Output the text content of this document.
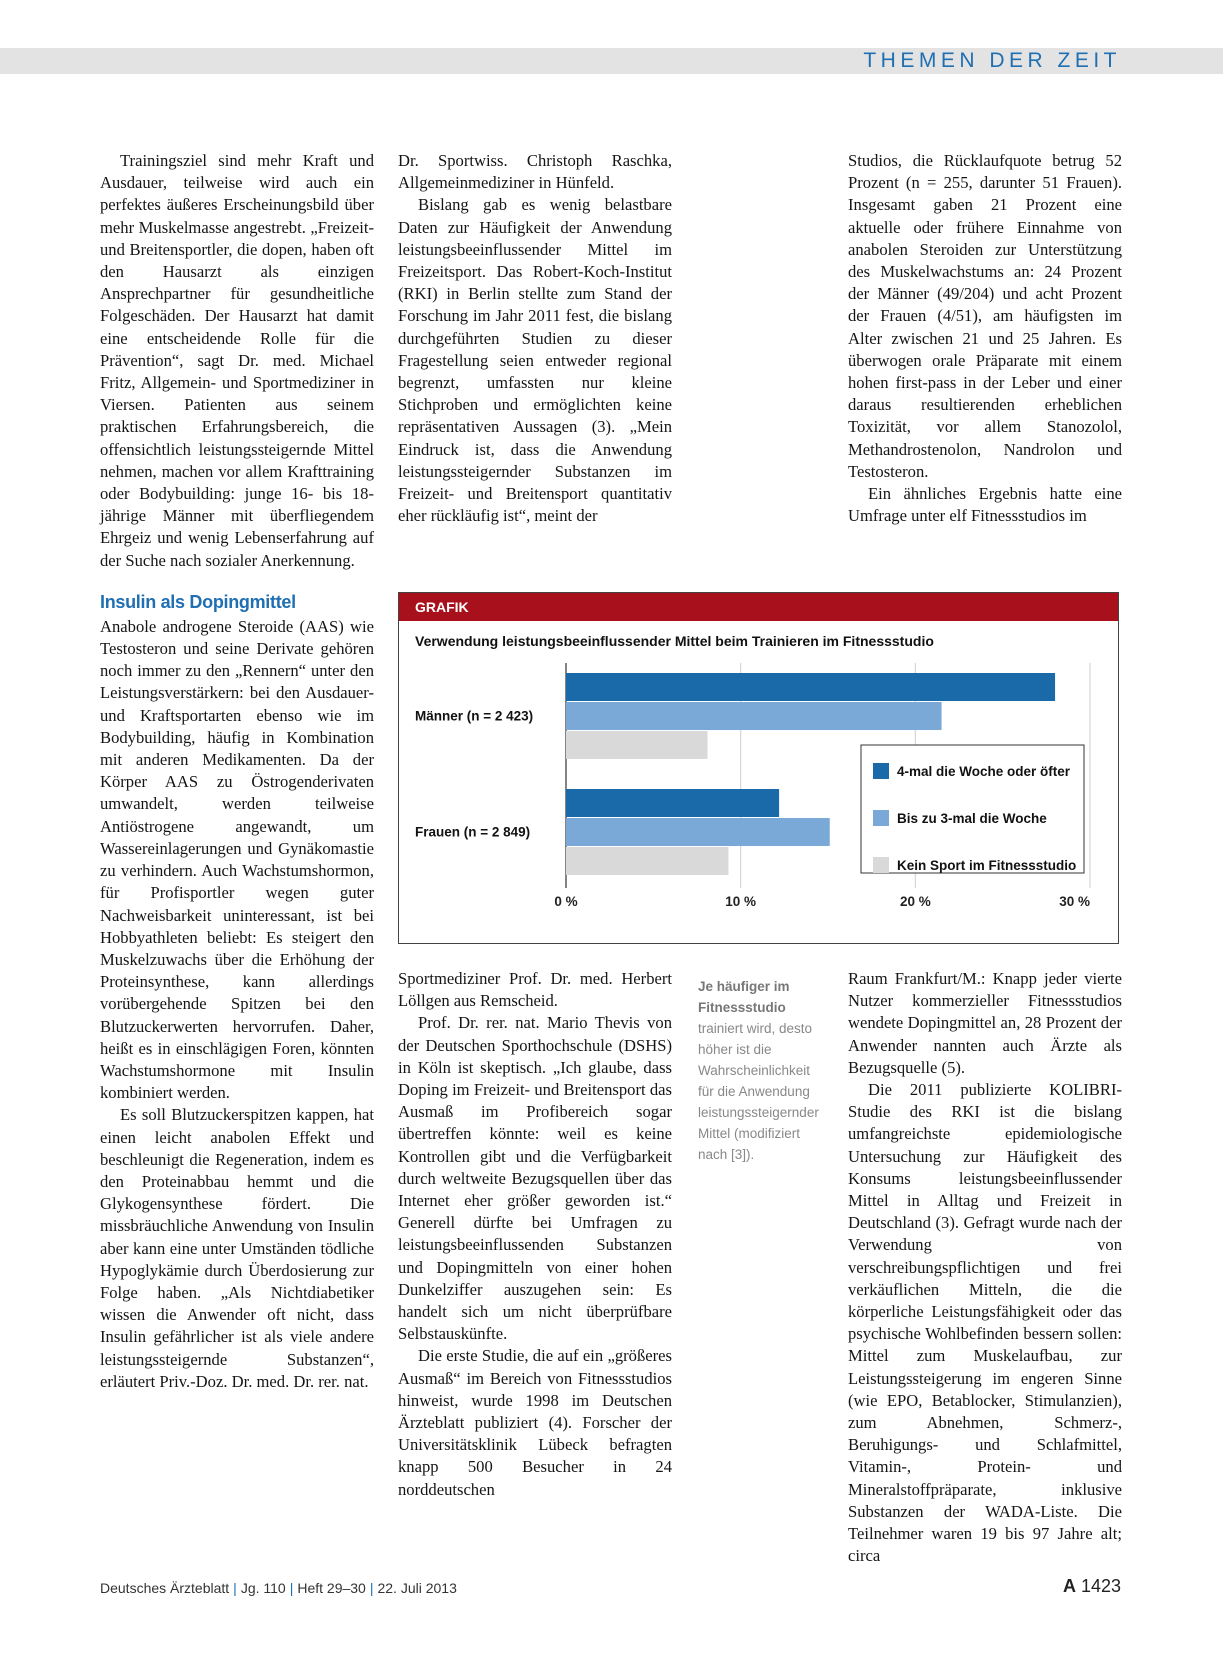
THEMEN DER ZEIT

Trainingsziel sind mehr Kraft und Ausdauer, teilweise wird auch ein perfektes äußeres Erscheinungsbild über mehr Muskelmasse angestrebt. „Freizeit- und Breitensportler, die dopen, haben oft den Hausarzt als einzigen Ansprechpartner für gesundheitliche Folgeschäden. Der Hausarzt hat damit eine entscheidende Rolle für die Prävention“, sagt Dr. med. Michael Fritz, Allgemein- und Sportmediziner in Viersen. Patienten aus seinem praktischen Erfahrungsbereich, die offensichtlich leistungssteigernde Mittel nehmen, machen vor allem Krafttraining oder Bodybuilding: junge 16- bis 18-jährige Männer mit überfliegendem Ehrgeiz und wenig Lebenserfahrung auf der Suche nach sozialer Anerkennung.

Insulin als Dopingmittel

Anabole androgene Steroide (AAS) wie Testosteron und seine Derivate gehören noch immer zu den „Rennern“ unter den Leistungsverstärkern: bei den Ausdauer- und Kraftsportarten ebenso wie im Bodybuilding, häufig in Kombination mit anderen Medikamenten. Da der Körper AAS zu Östrogenderivaten umwandelt, werden teilweise Antiöstrogene angewandt, um Wassereinlagerungen und Gynäkomastie zu verhindern. Auch Wachstumshormon, für Profisportler wegen guter Nachweisbarkeit uninteressant, ist bei Hobbyathleten beliebt: Es steigert den Muskelzuwachs über die Erhöhung der Proteinsynthese, kann allerdings vorübergehende Spitzen bei den Blutzuckerwerten hervorrufen. Daher, heißt es in einschlägigen Foren, könnten Wachstumshormone mit Insulin kombiniert werden.

Es soll Blutzuckerspitzen kappen, hat einen leicht anabolen Effekt und beschleunigt die Regeneration, indem es den Proteinabbau hemmt und die Glykogensynthese fördert. Die missbräuchliche Anwendung von Insulin aber kann eine unter Umständen tödliche Hypoglykämie durch Überdosierung zur Folge haben. „Als Nichtdiabetiker wissen die Anwender oft nicht, dass Insulin gefährlicher ist als viele andere leistungssteigernde Substanzen“, erläutert Priv.-Doz. Dr. med. Dr. rer. nat.

Dr. Sportwiss. Christoph Raschka, Allgemeinmediziner in Hünfeld.

Bislang gab es wenig belastbare Daten zur Häufigkeit der Anwendung leistungsbeeinflussender Mittel im Freizeitsport. Das Robert-Koch-Institut (RKI) in Berlin stellte zum Stand der Forschung im Jahr 2011 fest, die bislang durchgeführten Studien zu dieser Fragestellung seien entweder regional begrenzt, umfassten nur kleine Stichproben und ermöglichten keine repräsentativen Aussagen (3). „Mein Eindruck ist, dass die Anwendung leistungssteigernder Substanzen im Freizeit- und Breitensport quantitativ eher rückläufig ist“, meint der

Studios, die Rücklaufquote betrug 52 Prozent (n = 255, darunter 51 Frauen). Insgesamt gaben 21 Prozent eine aktuelle oder frühere Einnahme von anabolen Steroiden zur Unterstützung des Muskelwachstums an: 24 Prozent der Männer (49/204) und acht Prozent der Frauen (4/51), am häufigsten im Alter zwischen 21 und 25 Jahren. Es überwogen orale Präparate mit einem hohen first-pass in der Leber und einer daraus resultierenden erheblichen Toxizität, vor allem Stanozolol, Methandrostenolon, Nandrolon und Testosteron.

Ein ähnliches Ergebnis hatte eine Umfrage unter elf Fitnessstudios im

GRAFIK
Verwendung leistungsbeeinflussender Mittel beim Trainieren im Fitnessstudio
0 %	10 %	20 %	30 %
Männer (n = 2 423)
Frauen (n = 2 849)
4-mal die Woche oder öfter
Bis zu 3-mal die Woche
Kein Sport im Fitnessstudio

Sportmediziner Prof. Dr. med. Herbert Löllgen aus Remscheid.

Prof. Dr. rer. nat. Mario Thevis von der Deutschen Sporthochschule (DSHS) in Köln ist skeptisch. „Ich glaube, dass Doping im Freizeit- und Breitensport das Ausmaß im Profibereich sogar übertreffen könnte: weil es keine Kontrollen gibt und die Verfügbarkeit durch weltweite Bezugsquellen über das Internet eher größer geworden ist.“ Generell dürfte bei Umfragen zu leistungsbeeinflussenden Substanzen und Dopingmitteln von einer hohen Dunkelziffer auszugehen sein: Es handelt sich um nicht überprüfbare Selbstauskünfte.

Die erste Studie, die auf ein „größeres Ausmaß“ im Bereich von Fitnessstudios hinweist, wurde 1998 im Deutschen Ärzteblatt publiziert (4). Forscher der Universitätsklinik Lübeck befragten knapp 500 Besucher in 24 norddeutschen

Je häufiger im Fitnessstudio trainiert wird, desto höher ist die Wahrscheinlichkeit für die Anwendung leistungssteigernder Mittel (modifiziert nach [3]).

Raum Frankfurt/M.: Knapp jeder vierte Nutzer kommerzieller Fitnessstudios wendete Dopingmittel an, 28 Prozent der Anwender nannten auch Ärzte als Bezugsquelle (5).

Die 2011 publizierte KOLIBRI-Studie des RKI ist die bislang umfangreichste epidemiologische Untersuchung zur Häufigkeit des Konsums leistungsbeeinflussender Mittel in Alltag und Freizeit in Deutschland (3). Gefragt wurde nach der Verwendung von verschreibungspflichtigen und frei verkäuflichen Mitteln, die die körperliche Leistungsfähigkeit oder das psychische Wohlbefinden bessern sollen: Mittel zum Muskelaufbau, zur Leistungssteigerung im engeren Sinne (wie EPO, Betablocker, Stimulanzien), zum Abnehmen, Schmerz-, Beruhigungs- und Schlafmittel, Vitamin-, Protein- und Mineralstoffpräparate, inklusive Substanzen der WADA-Liste. Die Teilnehmer waren 19 bis 97 Jahre alt; circa

Deutsches Ärzteblatt | Jg. 110 | Heft 29–30 | 22. Juli 2013	A 1423
